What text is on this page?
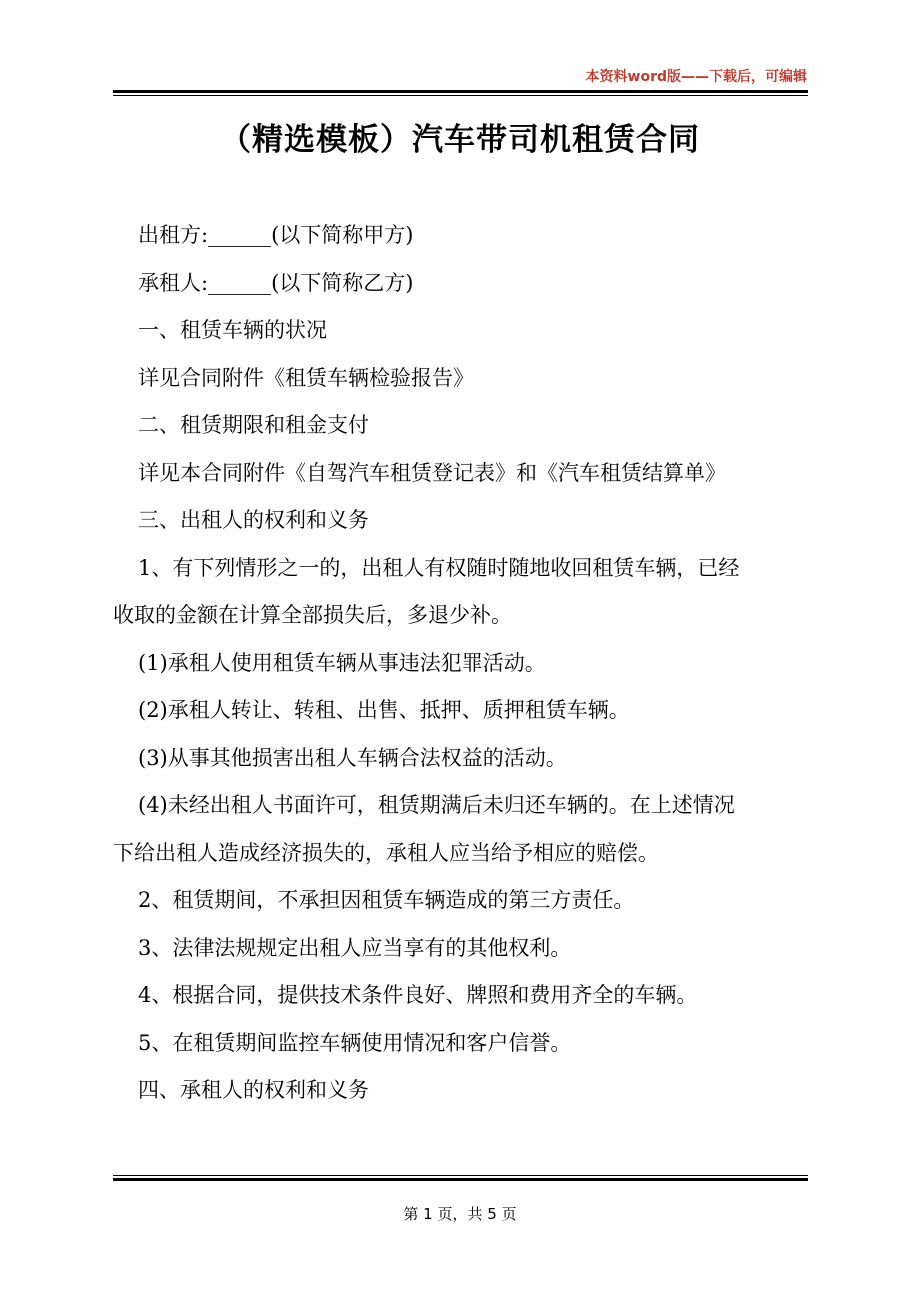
本资料word版——下载后，可编辑
（精选模板）汽车带司机租赁合同

出租方:______(以下简称甲方)

承租人:______(以下简称乙方)

一、租赁车辆的状况

详见合同附件《租赁车辆检验报告》

二、租赁期限和租金支付

详见本合同附件《自驾汽车租赁登记表》和《汽车租赁结算单》

三、出租人的权利和义务

1、有下列情形之一的，出租人有权随时随地收回租赁车辆，已经
收取的金额在计算全部损失后，多退少补。

(1)承租人使用租赁车辆从事违法犯罪活动。

(2)承租人转让、转租、出售、抵押、质押租赁车辆。

(3)从事其他损害出租人车辆合法权益的活动。

(4)未经出租人书面许可，租赁期满后未归还车辆的。在上述情况
下给出租人造成经济损失的，承租人应当给予相应的赔偿。

2、租赁期间，不承担因租赁车辆造成的第三方责任。

3、法律法规规定出租人应当享有的其他权利。

4、根据合同，提供技术条件良好、牌照和费用齐全的车辆。

5、在租赁期间监控车辆使用情况和客户信誉。

四、承租人的权利和义务

第 1 页，共 5 页
